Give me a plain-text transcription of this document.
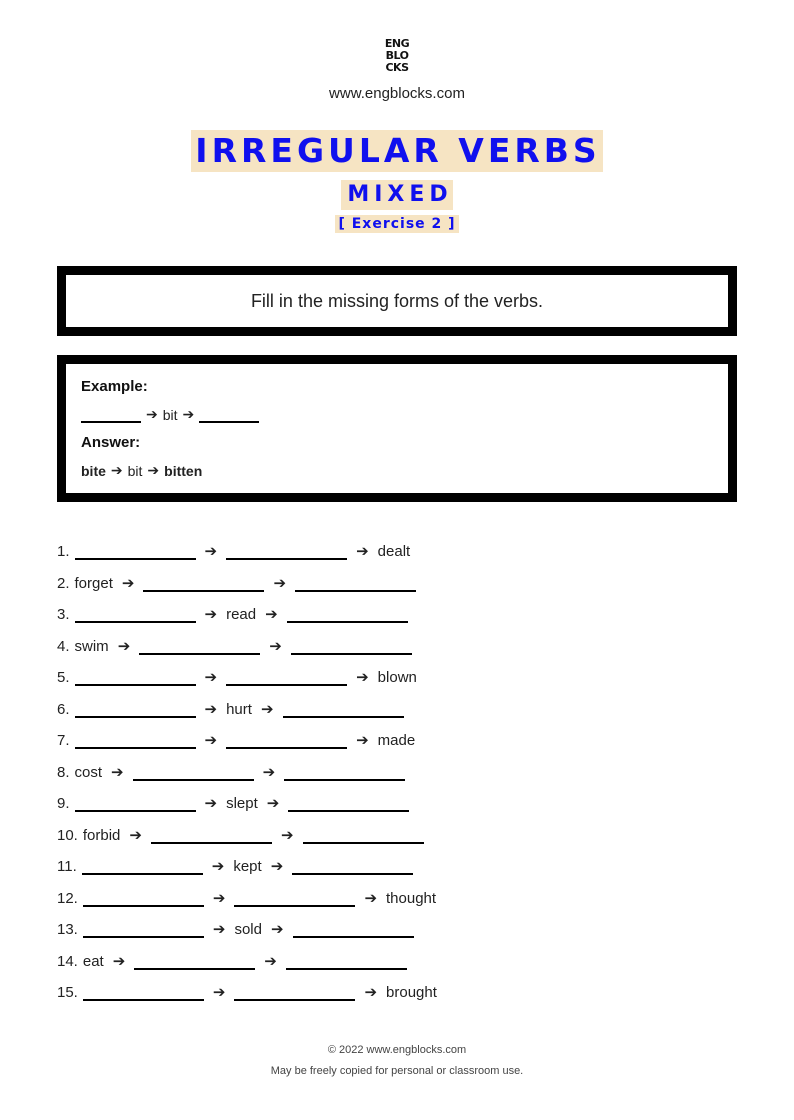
ENG
BLO
CKS
www.engblocks.com
IRREGULAR VERBS
MIXED
[ Exercise 2 ]
Fill in the missing forms of the verbs.
Example:
➔ bit ➔
Answer:
bite ➔ bit ➔ bitten
1.	➔	➔ dealt
2. forget ➔	➔
3.	➔ read ➔
4. swim ➔	➔
5.	➔	➔ blown
6.	➔ hurt ➔
7.	➔	➔ made
8. cost ➔	➔
9.	➔ slept ➔
10. forbid ➔	➔
11.	➔ kept ➔
12.	➔	➔ thought
13.	➔ sold ➔
14. eat ➔	➔
15.	➔	➔ brought
© 2022 www.engblocks.com
May be freely copied for personal or classroom use.
